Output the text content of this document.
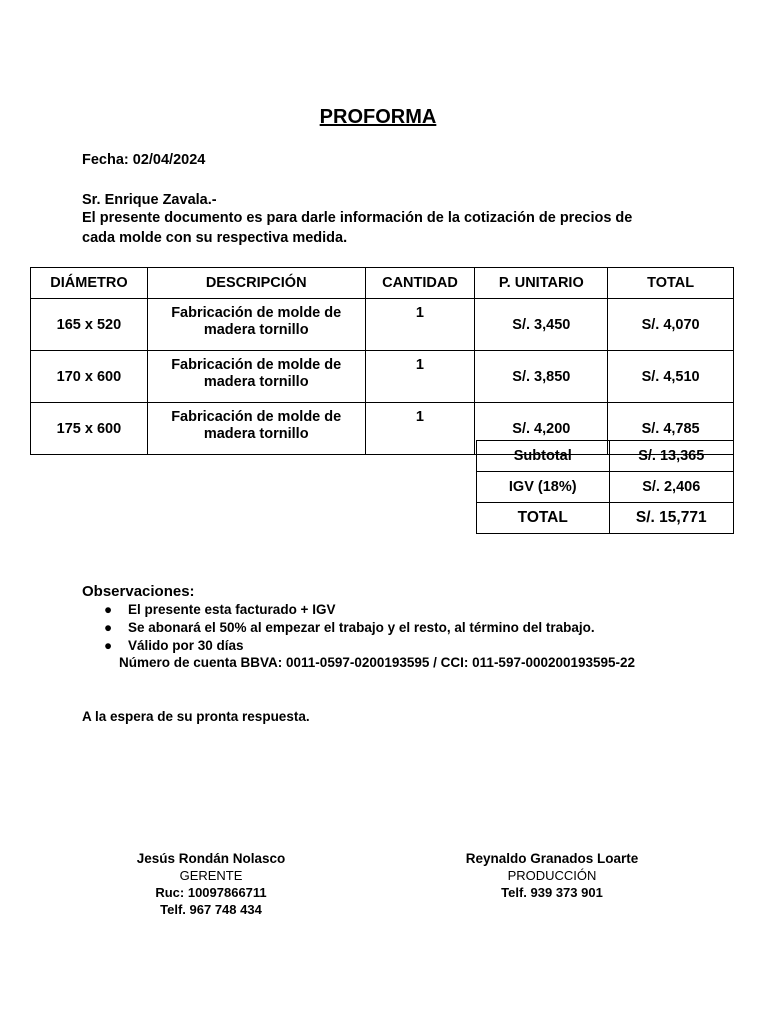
PROFORMA
Fecha: 02/04/2024
Sr. Enrique Zavala.-
El presente documento es para darle información de la cotización de precios de
cada molde con su respectiva medida.
DIÁMETRO	DESCRIPCIÓN	CANTIDAD	P. UNITARIO	TOTAL
165 x 520	Fabricación de molde de
madera tornillo	1	S/. 3,450	S/. 4,070
170 x 600	Fabricación de molde de
madera tornillo	1	S/. 3,850	S/. 4,510
175 x 600	Fabricación de molde de
madera tornillo	1	S/. 4,200	S/. 4,785
Subtotal	S/. 13,365
IGV (18%)	S/. 2,406
TOTAL	S/. 15,771
Observaciones:
● El presente esta facturado + IGV
● Se abonará el 50% al empezar el trabajo y el resto, al término del trabajo.
● Válido por 30 días
Número de cuenta BBVA: 0011-0597-0200193595 / CCI: 011-597-000200193595-22
A la espera de su pronta respuesta.
Jesús Rondán Nolasco
GERENTE
Ruc: 10097866711
Telf. 967 748 434
Reynaldo Granados Loarte
PRODUCCIÓN
Telf. 939 373 901
